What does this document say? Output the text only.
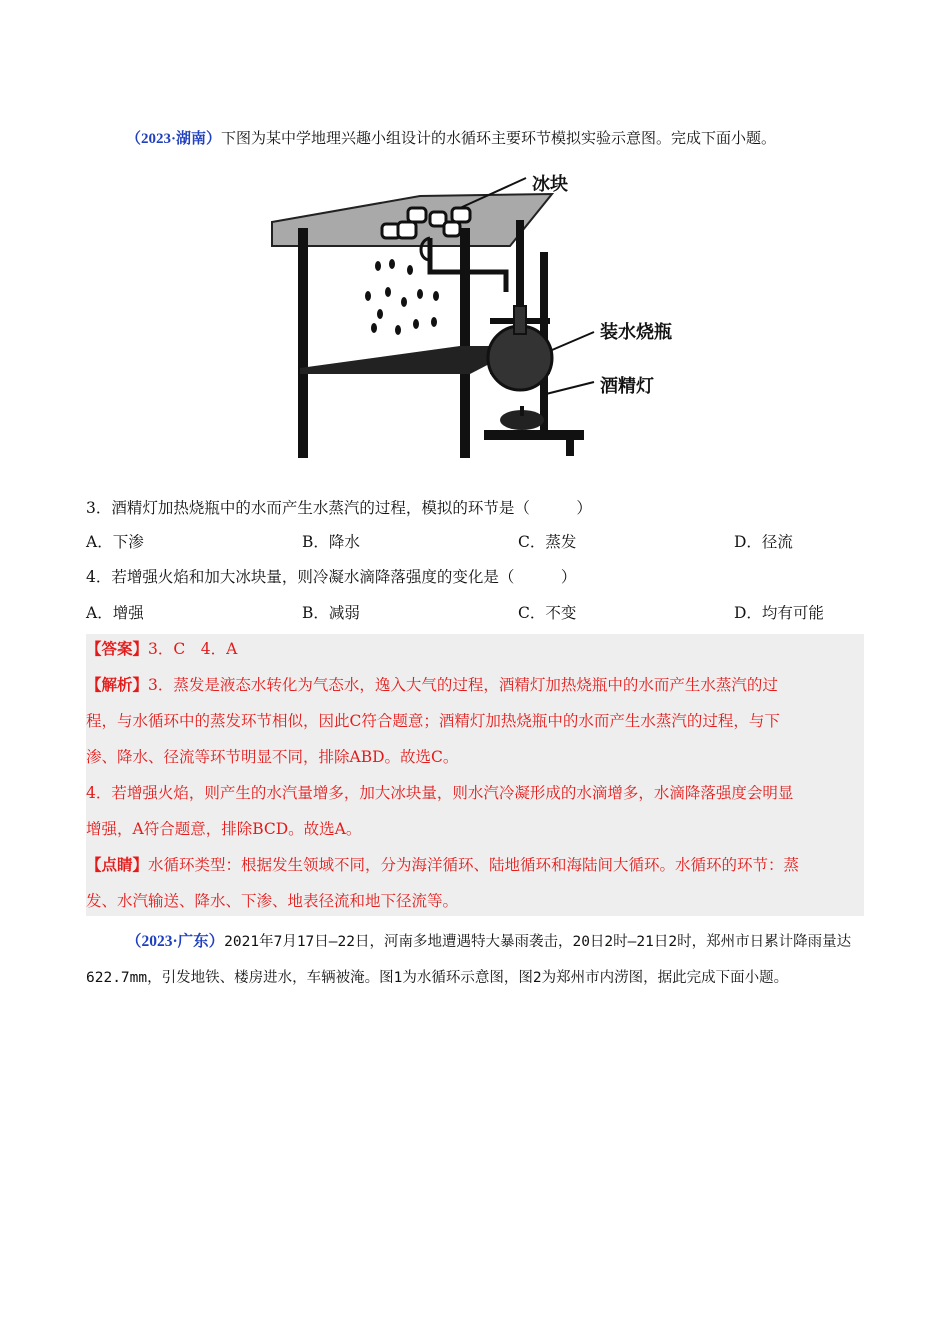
（2023·湖南）下图为某中学地理兴趣小组设计的水循环主要环节模拟实验示意图。完成下面小题。
冰块
装水烧瓶
酒精灯
3．酒精灯加热烧瓶中的水而产生水蒸汽的过程，模拟的环节是（　　　）
A．下渗	B．降水	C．蒸发	D．径流
4．若增强火焰和加大冰块量，则冷凝水滴降落强度的变化是（　　　）
A．增强	B．减弱	C．不变	D．均有可能
【答案】3．C　4．A
【解析】3．蒸发是液态水转化为气态水，逸入大气的过程，酒精灯加热烧瓶中的水而产生水蒸汽的过
程，与水循环中的蒸发环节相似，因此C符合题意；酒精灯加热烧瓶中的水而产生水蒸汽的过程，与下
渗、降水、径流等环节明显不同，排除ABD。故选C。
4．若增强火焰，则产生的水汽量增多，加大冰块量，则水汽冷凝形成的水滴增多，水滴降落强度会明显
增强，A符合题意，排除BCD。故选A。
【点睛】水循环类型：根据发生领域不同，分为海洋循环、陆地循环和海陆间大循环。水循环的环节：蒸
发、水汽输送、降水、下渗、地表径流和地下径流等。
（2023·广东）2021年7月17日—22日，河南多地遭遇特大暴雨袭击，20日2时—21日2时，郑州市日累计降雨量达622.7mm，引发地铁、楼房进水，车辆被淹。图1为水循环示意图，图2为郑州市内涝图，据此完成下面小题。
